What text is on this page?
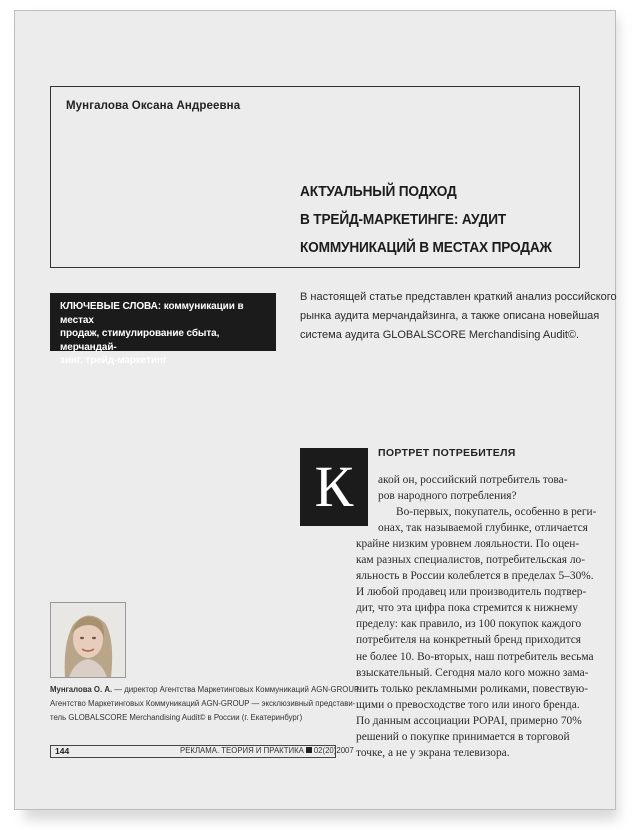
Мунгалова Оксана Андреевна
АКТУАЛЬНЫЙ ПОДХОД
В ТРЕЙД-МАРКЕТИНГЕ: АУДИТ
КОММУНИКАЦИЙ В МЕСТАХ ПРОДАЖ
КЛЮЧЕВЫЕ СЛОВА: коммуникации в местах
продаж, стимулирование сбыта, мерчандай-
зинг, трейд-маркетинг
В настоящей статье представлен краткий анализ российского
рынка аудита мерчандайзинга, а также описана новейшая
система аудита GLOBALSCORE Merchandising Audit©.
ПОРТРЕТ ПОТРЕБИТЕЛЯ
К	акой он, российский потребитель това-
ров народного потребления?
Во-первых, покупатель, особенно в реги-
онах, так называемой глубинке, отличается
крайне низким уровнем лояльности. По оцен-
кам разных специалистов, потребительская ло-
яльность в России колеблется в пределах 5–30%.
И любой продавец или производитель подтвер-
дит, что эта цифра пока стремится к нижнему
пределу: как правило, из 100 покупок каждого
потребителя на конкретный бренд приходится
не более 10. Во-вторых, наш потребитель весьма
взыскательный. Сегодня мало кого можно зама-
нить только рекламными роликами, повествую-
щими о превосходстве того или иного бренда.
По данным ассоциации POPAI, примерно 70%
решений о покупке принимается в торговой
точке, а не у экрана телевизора.
Мунгалова О. А. — директор Агентства Маркетинговых Коммуникаций AGN-GROUP.
Агентство Маркетинговых Коммуникаций AGN-GROUP — эксклюзивный представи-
тель GLOBALSCORE Merchandising Audit© в России (г. Екатеринбург)
144	РЕКЛАМА. ТЕОРИЯ И ПРАКТИКА 02(20)2007
